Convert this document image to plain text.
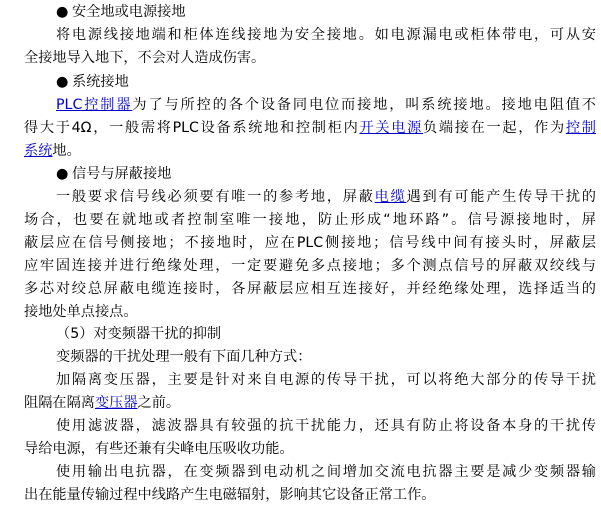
● 安全地或电源接地
将电源线接地端和柜体连线接地为安全接地。如电源漏电或柜体带电，可从安
全接地导入地下，不会对人造成伤害。
● 系统接地
PLC控制器为了与所控的各个设备同电位而接地，叫系统接地。接地电阻值不
得大于4Ω，一般需将PLC设备系统地和控制柜内开关电源负端接在一起，作为控制
系统地。
● 信号与屏蔽接地
一般要求信号线必须要有唯一的参考地，屏蔽电缆遇到有可能产生传导干扰的
场合，也要在就地或者控制室唯一接地，防止形成“地环路”。信号源接地时，屏
蔽层应在信号侧接地；不接地时，应在PLC侧接地；信号线中间有接头时，屏蔽层
应牢固连接并进行绝缘处理，一定要避免多点接地；多个测点信号的屏蔽双绞线与
多芯对绞总屏蔽电缆连接时，各屏蔽层应相互连接好，并经绝缘处理，选择适当的
接地处单点接点。
（5）对变频器干扰的抑制
变频器的干扰处理一般有下面几种方式：
加隔离变压器，主要是针对来自电源的传导干扰，可以将绝大部分的传导干扰
阻隔在隔离变压器之前。
使用滤波器，滤波器具有较强的抗干扰能力，还具有防止将设备本身的干扰传
导给电源，有些还兼有尖峰电压吸收功能。
使用输出电抗器，在变频器到电动机之间增加交流电抗器主要是减少变频器输
出在能量传输过程中线路产生电磁辐射，影响其它设备正常工作。
